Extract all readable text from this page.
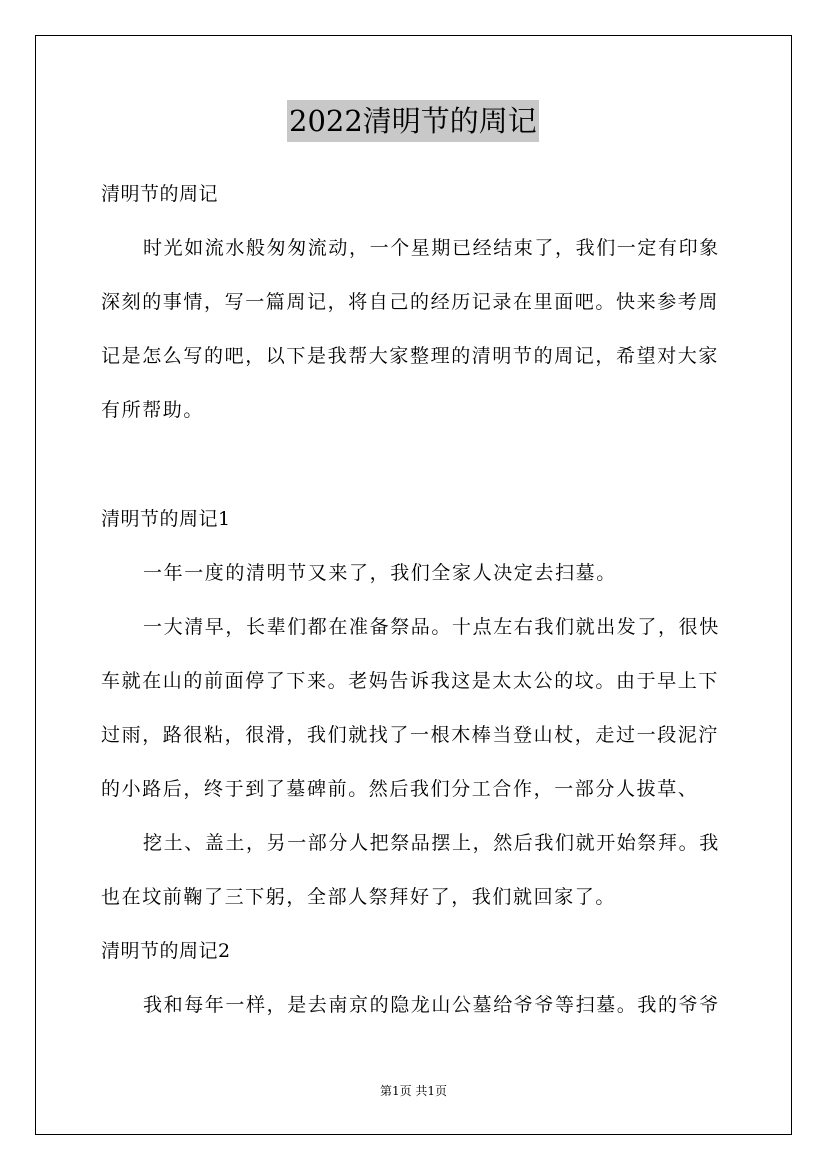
2022清明节的周记
清明节的周记
时光如流水般匆匆流动，一个星期已经结束了，我们一定有印象
深刻的事情，写一篇周记，将自己的经历记录在里面吧。快来参考周
记是怎么写的吧，以下是我帮大家整理的清明节的周记，希望对大家
有所帮助。
清明节的周记1
一年一度的清明节又来了，我们全家人决定去扫墓。
一大清早，长辈们都在准备祭品。十点左右我们就出发了，很快
车就在山的前面停了下来。老妈告诉我这是太太公的坟。由于早上下
过雨，路很粘，很滑，我们就找了一根木棒当登山杖，走过一段泥泞
的小路后，终于到了墓碑前。然后我们分工合作，一部分人拔草、
挖土、盖土，另一部分人把祭品摆上，然后我们就开始祭拜。我
也在坟前鞠了三下躬，全部人祭拜好了，我们就回家了。
清明节的周记2
我和每年一样，是去南京的隐龙山公墓给爷爷等扫墓。我的爷爷
第1页 共1页
